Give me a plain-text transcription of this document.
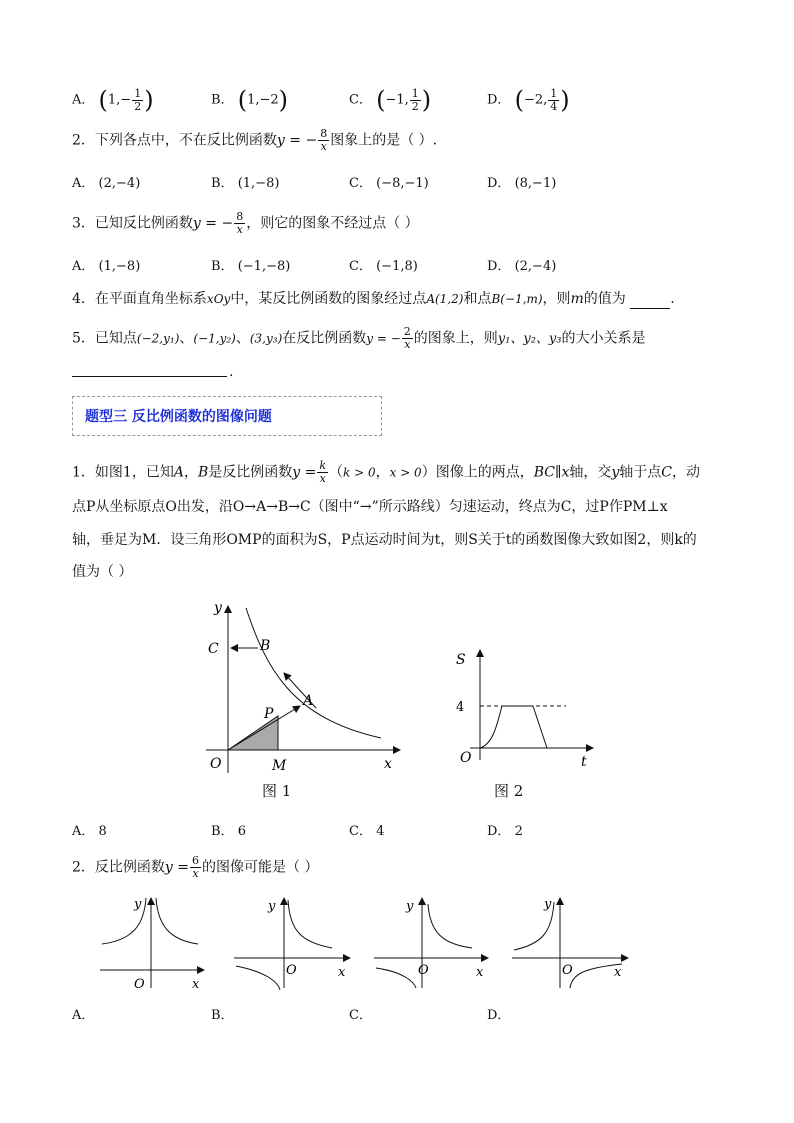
A． ($1,- \frac{1}{2}$ )	B． (1,−2)	C． (−1, $\frac{1}{2}$ )	D． (−2, $\frac{1}{4}$ )
2．下列各点中，不在反比例函数y = − $\frac{8}{x}$ 图象上的是（ ）.
A． (2,−4)	B． (1,−8)	C． (−8,−1)	D． (8,−1)
3．已知反比例函数y = − $\frac{8}{x}$ ，则它的图象不经过点（ ）
A． (1,−8)	B． (−1,−8)	C． (−1,8)	D． (2,−4)
4．在平面直角坐标系xOy中，某反比例函数的图象经过点A(1,2)和点B(−1,m)，则m的值为	.
5．已知点(−2,y₁)、(−1,y₂)、(3,y₃)在反比例函数y = − $\frac{2}{x}$ 的图象上，则y₁、y₂、y₃的大小关系是
.
题型三 反比例函数的图像问题
1．如图1，已知A，B是反比例函数$y = \frac{k}{x} (k > 0$，x > 0）图像上的两点，BC∥x轴，交y轴于点C，动
点P从坐标原点O出发，沿O→A→B→C（图中“→”所示路线）匀速运动，终点为C，过P作PM⊥x
轴，垂足为M．设三角形OMP的面积为S，P点运动时间为t，则S关于t的函数图像大致如图2，则k的
值为（ ）
y
x
O
C	B
A
P
M
图 1
S
t
O
4
图 2
A． 8	B． 6	C． 4	D． 2
2．反比例函数$y = \frac{6}{x}$ 的图像可能是（ ）
y
x
O
y
x
O
y
x
O
y
x
O
A．	B．	C．	D．
